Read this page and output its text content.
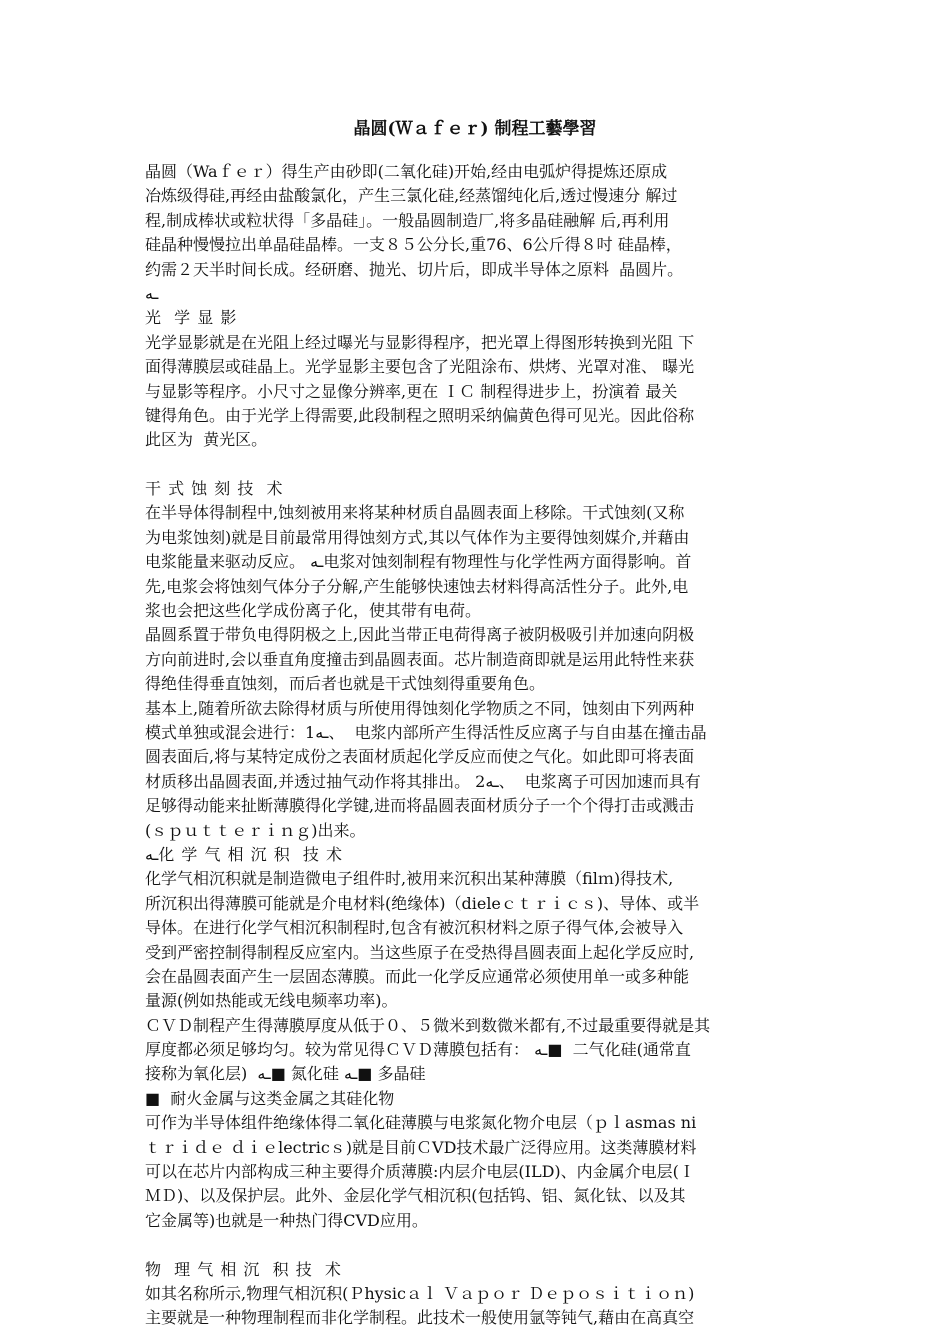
晶圆(Ｗａｆｅｒ) 制程工藝學習
晶圆（Waｆｅｒ）得生产由砂即(二氧化硅)开始,经由电弧炉得提炼还原成
冶炼级得硅,再经由盐酸氯化，产生三氯化硅,经蒸馏纯化后,透过慢速分 解过
程,制成棒状或粒状得「多晶硅」。一般晶圆制造厂,将多晶硅融解 后,再利用
硅晶种慢慢拉出单晶硅晶棒。一支８５公分长,重76、6公斤得８吋 硅晶棒，
约需２天半时间长成。经研磨、抛光、切片后，即成半导体之原料  晶圆片。
ـه
光  学 显 影
光学显影就是在光阻上经过曝光与显影得程序，把光罩上得图形转换到光阻 下
面得薄膜层或硅晶上。光学显影主要包含了光阻涂布、烘烤、光罩对准、 曝光
与显影等程序。小尺寸之显像分辨率,更在 ＩＣ 制程得进步上，扮演着 最关
键得角色。由于光学上得需要,此段制程之照明采纳偏黄色得可见光。因此俗称
此区为  黄光区。
干 式 蚀 刻 技  术
在半导体得制程中,蚀刻被用来将某种材质自晶圆表面上移除。干式蚀刻(又称
为电浆蚀刻)就是目前最常用得蚀刻方式,其以气体作为主要得蚀刻媒介,并藉由
电浆能量来驱动反应。 ـه电浆对蚀刻制程有物理性与化学性两方面得影响。首
先,电浆会将蚀刻气体分子分解,产生能够快速蚀去材料得高活性分子。此外,电
浆也会把这些化学成份离子化，使其带有电荷。
晶圆系置于带负电得阴极之上,因此当带正电荷得离子被阴极吸引并加速向阴极
方向前进时,会以垂直角度撞击到晶圆表面。芯片制造商即就是运用此特性来获
得绝佳得垂直蚀刻，而后者也就是干式蚀刻得重要角色。
基本上,随着所欲去除得材质与所使用得蚀刻化学物质之不同，蚀刻由下列两种
模式单独或混会进行：1ـه、  电浆内部所产生得活性反应离子与自由基在撞击晶
圆表面后,将与某特定成份之表面材质起化学反应而使之气化。如此即可将表面
材质移出晶圆表面,并透过抽气动作将其排出。 2ـه、  电浆离子可因加速而具有
足够得动能来扯断薄膜得化学键,进而将晶圆表面材质分子一个个得打击或溅击
(ｓｐｕｔｔｅｒｉｎｇ)出来。
ـه化 学 气 相 沉 积  技 术
化学气相沉积就是制造微电子组件时,被用来沉积出某种薄膜（filｍ)得技术,
所沉积出得薄膜可能就是介电材料(绝缘体)（dieleｃｔｒｉｃｓ)、导体、或半
导体。在进行化学气相沉积制程时,包含有被沉积材料之原子得气体,会被导入
受到严密控制得制程反应室内。当这些原子在受热得昌圆表面上起化学反应时,
会在晶圆表面产生一层固态薄膜。而此一化学反应通常必须使用单一或多种能
量源(例如热能或无线电频率功率)。
ＣＶＤ制程产生得薄膜厚度从低于０、５微米到数微米都有,不过最重要得就是其
厚度都必须足够均匀。较为常见得ＣＶＤ薄膜包括有： ـه■  二气化硅(通常直
接称为氧化层)  ـه■ 氮化硅 ـه■ 多晶硅
■  耐火金属与这类金属之其硅化物
可作为半导体组件绝缘体得二氧化硅薄膜与电浆氮化物介电层（ｐｌasmas ni
ｔｒｉｄｅ ｄｉｅlectricｓ)就是目前ＣVD技术最广泛得应用。这类薄膜材料
可以在芯片内部构成三种主要得介质薄膜:内层介电层(ILD)、内金属介电层(Ｉ
ＭＤ)、以及保护层。此外、金层化学气相沉积(包括钨、铝、氮化钛、以及其
它金属等)也就是一种热门得CVD应用。
物  理 气 相 沉  积 技  术
如其名称所示,物理气相沉积(Ｐhysicａｌ Ｖａｐｏｒ Ｄｅｐｏｓｉｔｉｏｎ)
主要就是一种物理制程而非化学制程。此技术一般使用氩等钝气,藉由在高真空
